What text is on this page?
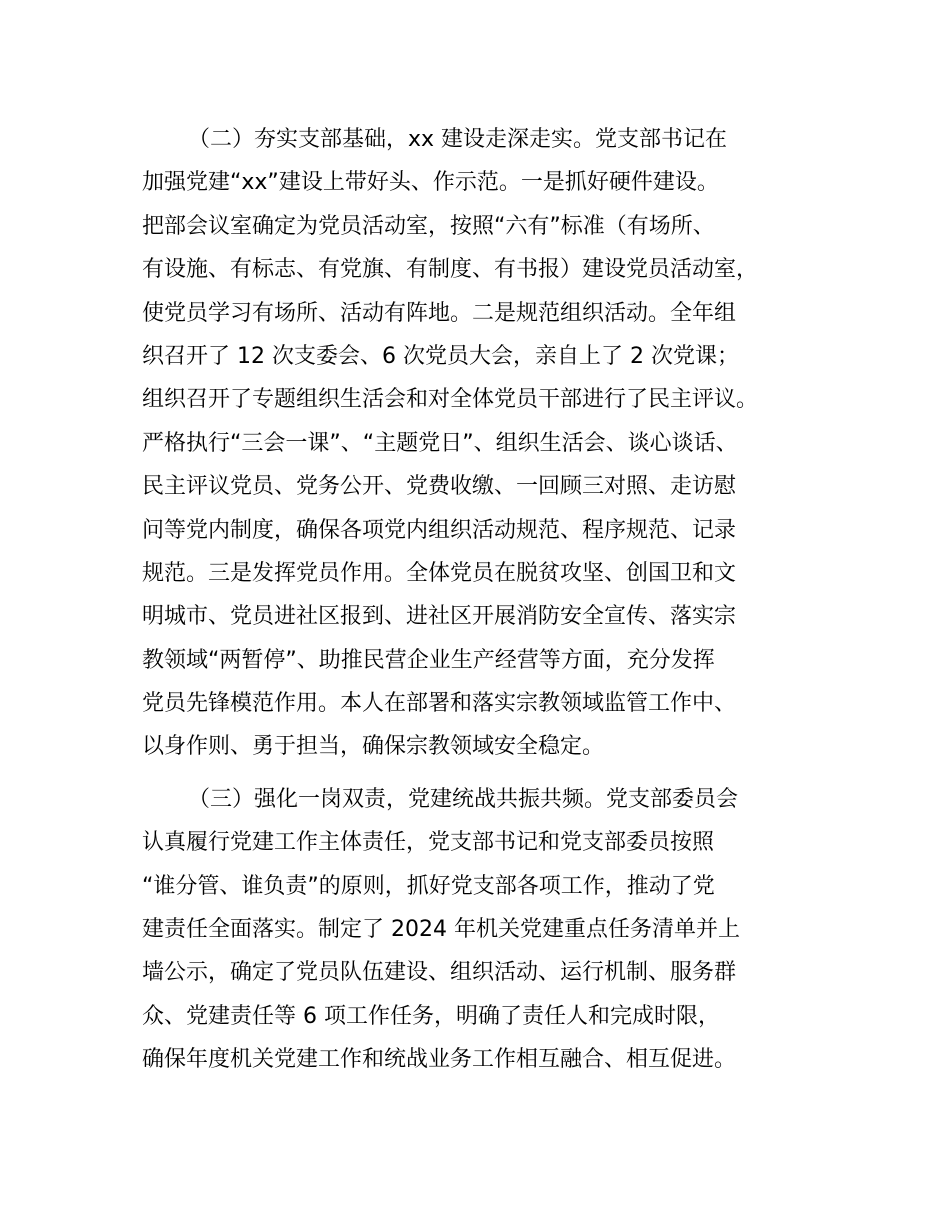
（二）夯实支部基础，xx 建设走深走实。党支部书记在
加强党建“xx”建设上带好头、作示范。一是抓好硬件建设。
把部会议室确定为党员活动室，按照“六有”标准（有场所、
有设施、有标志、有党旗、有制度、有书报）建设党员活动室，
使党员学习有场所、活动有阵地。二是规范组织活动。全年组
织召开了 12 次支委会、6 次党员大会，亲自上了 2 次党课；
组织召开了专题组织生活会和对全体党员干部进行了民主评议。
严格执行“三会一课”、“主题党日”、组织生活会、谈心谈话、
民主评议党员、党务公开、党费收缴、一回顾三对照、走访慰
问等党内制度，确保各项党内组织活动规范、程序规范、记录
规范。三是发挥党员作用。全体党员在脱贫攻坚、创国卫和文
明城市、党员进社区报到、进社区开展消防安全宣传、落实宗
教领域“两暂停”、助推民营企业生产经营等方面，充分发挥
党员先锋模范作用。本人在部署和落实宗教领域监管工作中、
以身作则、勇于担当，确保宗教领域安全稳定。
（三）强化一岗双责，党建统战共振共频。党支部委员会
认真履行党建工作主体责任，党支部书记和党支部委员按照
“谁分管、谁负责”的原则，抓好党支部各项工作，推动了党
建责任全面落实。制定了 2024 年机关党建重点任务清单并上
墙公示，确定了党员队伍建设、组织活动、运行机制、服务群
众、党建责任等 6 项工作任务，明确了责任人和完成时限，
确保年度机关党建工作和统战业务工作相互融合、相互促进。
